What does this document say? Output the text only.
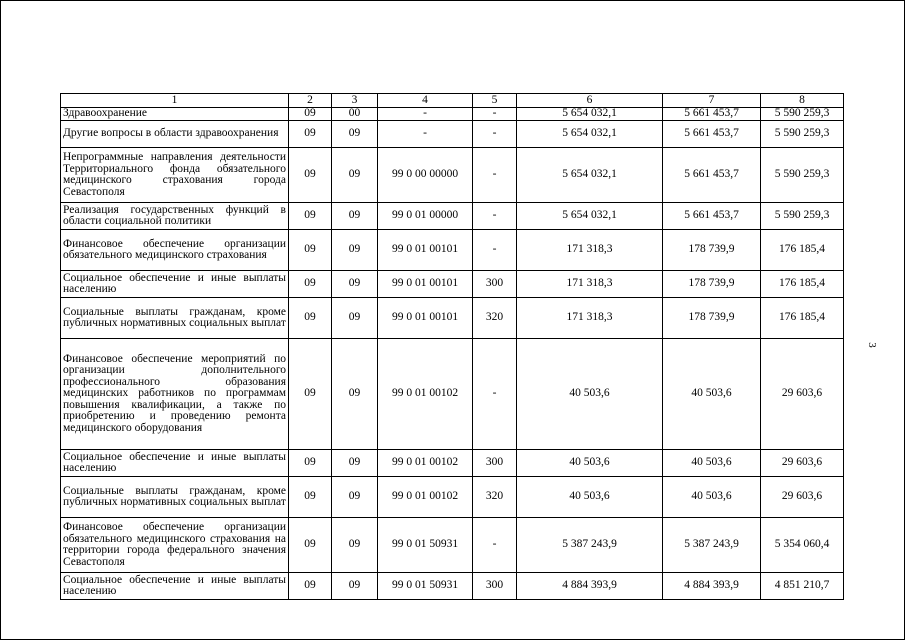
1	2	3	4	5	6	7	8
Здравоохранение	09	00	-	-	5 654 032,1	5 661 453,7	5 590 259,3
Другие вопросы в области здравоохранения	09	09	-	-	5 654 032,1	5 661 453,7	5 590 259,3
Непрограммные направления деятельности Территориального фонда обязательного медицинского страхования города Севастополя	09	09	99 0 00 00000	-	5 654 032,1	5 661 453,7	5 590 259,3
Реализация государственных функций в области социальной политики	09	09	99 0 01 00000	-	5 654 032,1	5 661 453,7	5 590 259,3
Финансовое обеспечение организации обязательного медицинского страхования	09	09	99 0 01 00101	-	171 318,3	178 739,9	176 185,4
Социальное обеспечение и иные выплаты населению	09	09	99 0 01 00101	300	171 318,3	178 739,9	176 185,4
Социальные выплаты гражданам, кроме публичных нормативных социальных выплат	09	09	99 0 01 00101	320	171 318,3	178 739,9	176 185,4
Финансовое обеспечение мероприятий по организации дополнительного профессионального образования медицинских работников по программам повышения квалификации, а также по приобретению и проведению ремонта медицинского оборудования	09	09	99 0 01 00102	-	40 503,6	40 503,6	29 603,6
Социальное обеспечение и иные выплаты населению	09	09	99 0 01 00102	300	40 503,6	40 503,6	29 603,6
Социальные выплаты гражданам, кроме публичных нормативных социальных выплат	09	09	99 0 01 00102	320	40 503,6	40 503,6	29 603,6
Финансовое обеспечение организации обязательного медицинского страхования на территории города федерального значения Севастополя	09	09	99 0 01 50931	-	5 387 243,9	5 387 243,9	5 354 060,4
Социальное обеспечение и иные выплаты населению	09	09	99 0 01 50931	300	4 884 393,9	4 884 393,9	4 851 210,7
3
